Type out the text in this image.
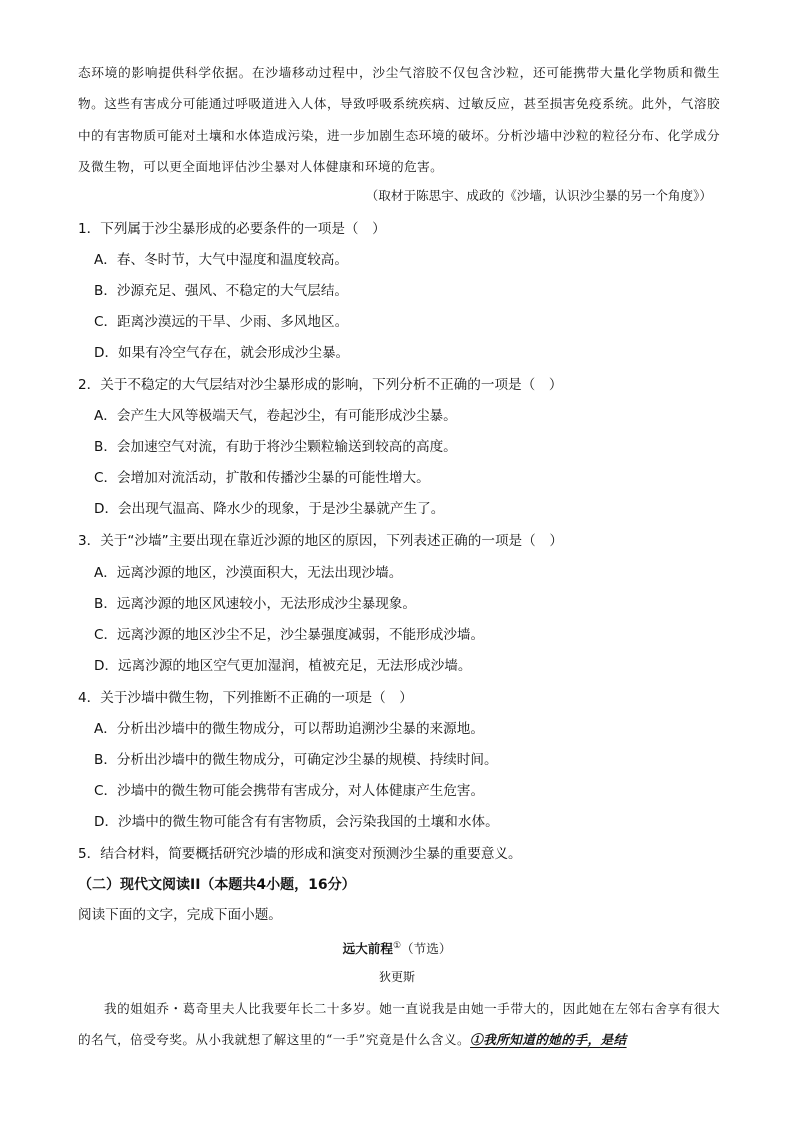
态环境的影响提供科学依据。在沙墙移动过程中，沙尘气溶胶不仅包含沙粒，还可能携带大量化学物质和微生物。这些有害成分可能通过呼吸道进入人体，导致呼吸系统疾病、过敏反应，甚至损害免疫系统。此外，气溶胶中的有害物质可能对土壤和水体造成污染，进一步加剧生态环境的破坏。分析沙墙中沙粒的粒径分布、化学成分及微生物，可以更全面地评估沙尘暴对人体健康和环境的危害。
（取材于陈思宇、成政的《沙墙，认识沙尘暴的另一个角度》）
1．下列属于沙尘暴形成的必要条件的一项是（　）
A．春、冬时节，大气中湿度和温度较高。
B．沙源充足、强风、不稳定的大气层结。
C．距离沙漠远的干旱、少雨、多风地区。
D．如果有冷空气存在，就会形成沙尘暴。
2．关于不稳定的大气层结对沙尘暴形成的影响，下列分析不正确的一项是（　）
A．会产生大风等极端天气，卷起沙尘，有可能形成沙尘暴。
B．会加速空气对流，有助于将沙尘颗粒输送到较高的高度。
C．会增加对流活动，扩散和传播沙尘暴的可能性增大。
D．会出现气温高、降水少的现象，于是沙尘暴就产生了。
3．关于“沙墙”主要出现在靠近沙源的地区的原因，下列表述正确的一项是（　）
A．远离沙源的地区，沙漠面积大，无法出现沙墙。
B．远离沙源的地区风速较小，无法形成沙尘暴现象。
C．远离沙源的地区沙尘不足，沙尘暴强度减弱，不能形成沙墙。
D．远离沙源的地区空气更加湿润，植被充足，无法形成沙墙。
4．关于沙墙中微生物，下列推断不正确的一项是（　）
A．分析出沙墙中的微生物成分，可以帮助追溯沙尘暴的来源地。
B．分析出沙墙中的微生物成分，可确定沙尘暴的规模、持续时间。
C．沙墙中的微生物可能会携带有害成分，对人体健康产生危害。
D．沙墙中的微生物可能含有有害物质，会污染我国的土壤和水体。
5．结合材料，简要概括研究沙墙的形成和演变对预测沙尘暴的重要意义。
（二）现代文阅读II（本题共4小题，16分）
阅读下面的文字，完成下面小题。
远大前程①（节选）
狄更斯
我的姐姐乔・葛奇里夫人比我要年长二十多岁。她一直说我是由她一手带大的，因此她在左邻右舍享有很大的名气，倍受夸奖。从小我就想了解这里的“一手”究竟是什么含义。①我所知道的她的手，是结
